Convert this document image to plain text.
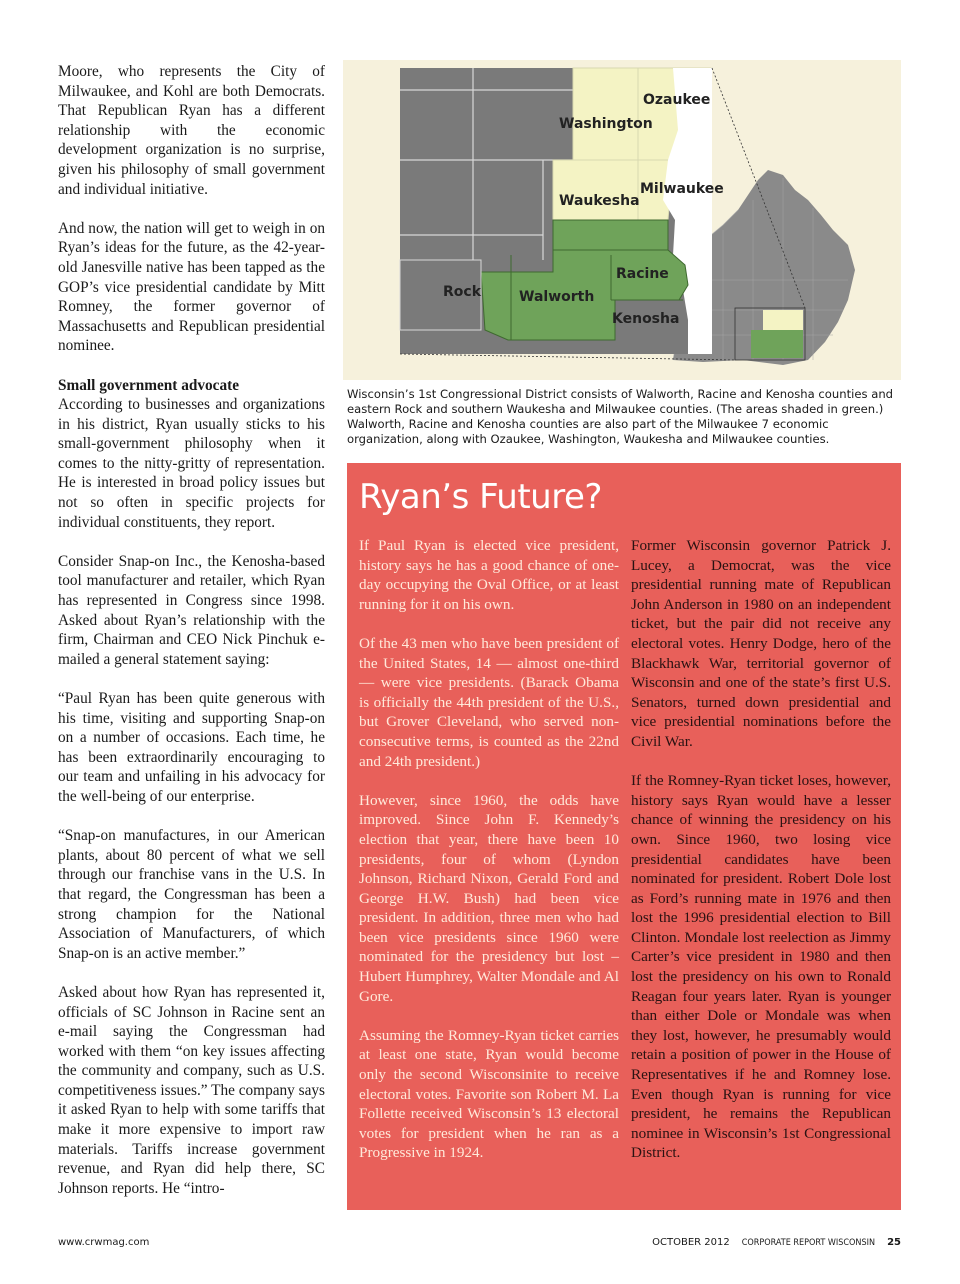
Moore, who represents the City of Milwaukee, and Kohl are both Democrats. That Republican Ryan has a different relationship with the economic development organization is no surprise, given his philosophy of small government and individual initiative.

And now, the nation will get to weigh in on Ryan’s ideas for the future, as the 42-year-old Janesville native has been tapped as the GOP’s vice presidential candidate by Mitt Romney, the former governor of Massachusetts and Republican presidential nominee.

Small government advocate

According to businesses and organizations in his district, Ryan usually sticks to his small-government philosophy when it comes to the nitty-gritty of representation. He is interested in broad policy issues but not so often in specific projects for individual constituents, they report.

Consider Snap-on Inc., the Kenosha-based tool manufacturer and retailer, which Ryan has represented in Congress since 1998. Asked about Ryan’s relationship with the firm, Chairman and CEO Nick Pinchuk e-mailed a general statement saying:

“Paul Ryan has been quite generous with his time, visiting and supporting Snap-on on a number of occasions. Each time, he has been extraordinarily encouraging to our team and unfailing in his advocacy for the well-being of our enterprise.

“Snap-on manufactures, in our American plants, about 80 percent of what we sell through our franchise vans in the U.S. In that regard, the Congressman has been a strong champion for the National Association of Manufacturers, of which Snap-on is an active member.”

Asked about how Ryan has represented it, officials of SC Johnson in Racine sent an e-mail saying the Congressman had worked with them “on key issues affecting the community and company, such as U.S. competitiveness issues.” The company says it asked Ryan to help with some tariffs that make it more expensive to import raw materials. Tariffs increase government revenue, and Ryan did help there, SC Johnson reports. He “intro-

Ozaukee
Washington
Waukesha
Milwaukee
Racine
Rock	Walworth
Kenosha
Wisconsin’s 1st Congressional District consists of Walworth, Racine and Kenosha counties and eastern Rock and southern Waukesha and Milwaukee counties. (The areas shaded in green.) Walworth, Racine and Kenosha counties are also part of the Milwaukee 7 economic organization, along with Ozaukee, Washington, Waukesha and Milwaukee counties.
Ryan’s Future?

If Paul Ryan is elected vice president, history says he has a good chance of one-day occupying the Oval Office, or at least running for it on his own.

Of the 43 men who have been president of the United States, 14 — almost one-third — were vice presidents. (Barack Obama is officially the 44th president of the U.S., but Grover Cleveland, who served non-consecutive terms, is counted as the 22nd and 24th president.)

However, since 1960, the odds have improved. Since John F. Kennedy’s election that year, there have been 10 presidents, four of whom (Lyndon Johnson, Richard Nixon, Gerald Ford and George H.W. Bush) had been vice president. In addition, three men who had been vice presidents since 1960 were nominated for the presidency but lost – Hubert Humphrey, Walter Mondale and Al Gore.

Assuming the Romney-Ryan ticket carries at least one state, Ryan would become only the second Wisconsinite to receive electoral votes. Favorite son Robert M. La Follette received Wisconsin’s 13 electoral votes for president when he ran as a Progressive in 1924.

Former Wisconsin governor Patrick J. Lucey, a Democrat, was the vice presidential running mate of Republican John Anderson in 1980 on an independent ticket, but the pair did not receive any electoral votes. Henry Dodge, hero of the Blackhawk War, territorial governor of Wisconsin and one of the state’s first U.S. Senators, turned down presidential and vice presidential nominations before the Civil War.

If the Romney-Ryan ticket loses, however, history says Ryan would have a lesser chance of winning the presidency on his own. Since 1960, two losing vice presidential candidates have been nominated for president. Robert Dole lost as Ford’s running mate in 1976 and then lost the 1996 presidential election to Bill Clinton. Mondale lost reelection as Jimmy Carter’s vice president in 1980 and then lost the presidency on his own to Ronald Reagan four years later. Ryan is younger than either Dole or Mondale was when they lost, however, he presumably would retain a position of power in the House of Representatives if he and Romney lose. Even though Ryan is running for vice president, he remains the Republican nominee in Wisconsin’s 1st Congressional District.

www.crwmag.com	OCTOBER 2012 CORPORATE REPORT WISCONSIN 25
